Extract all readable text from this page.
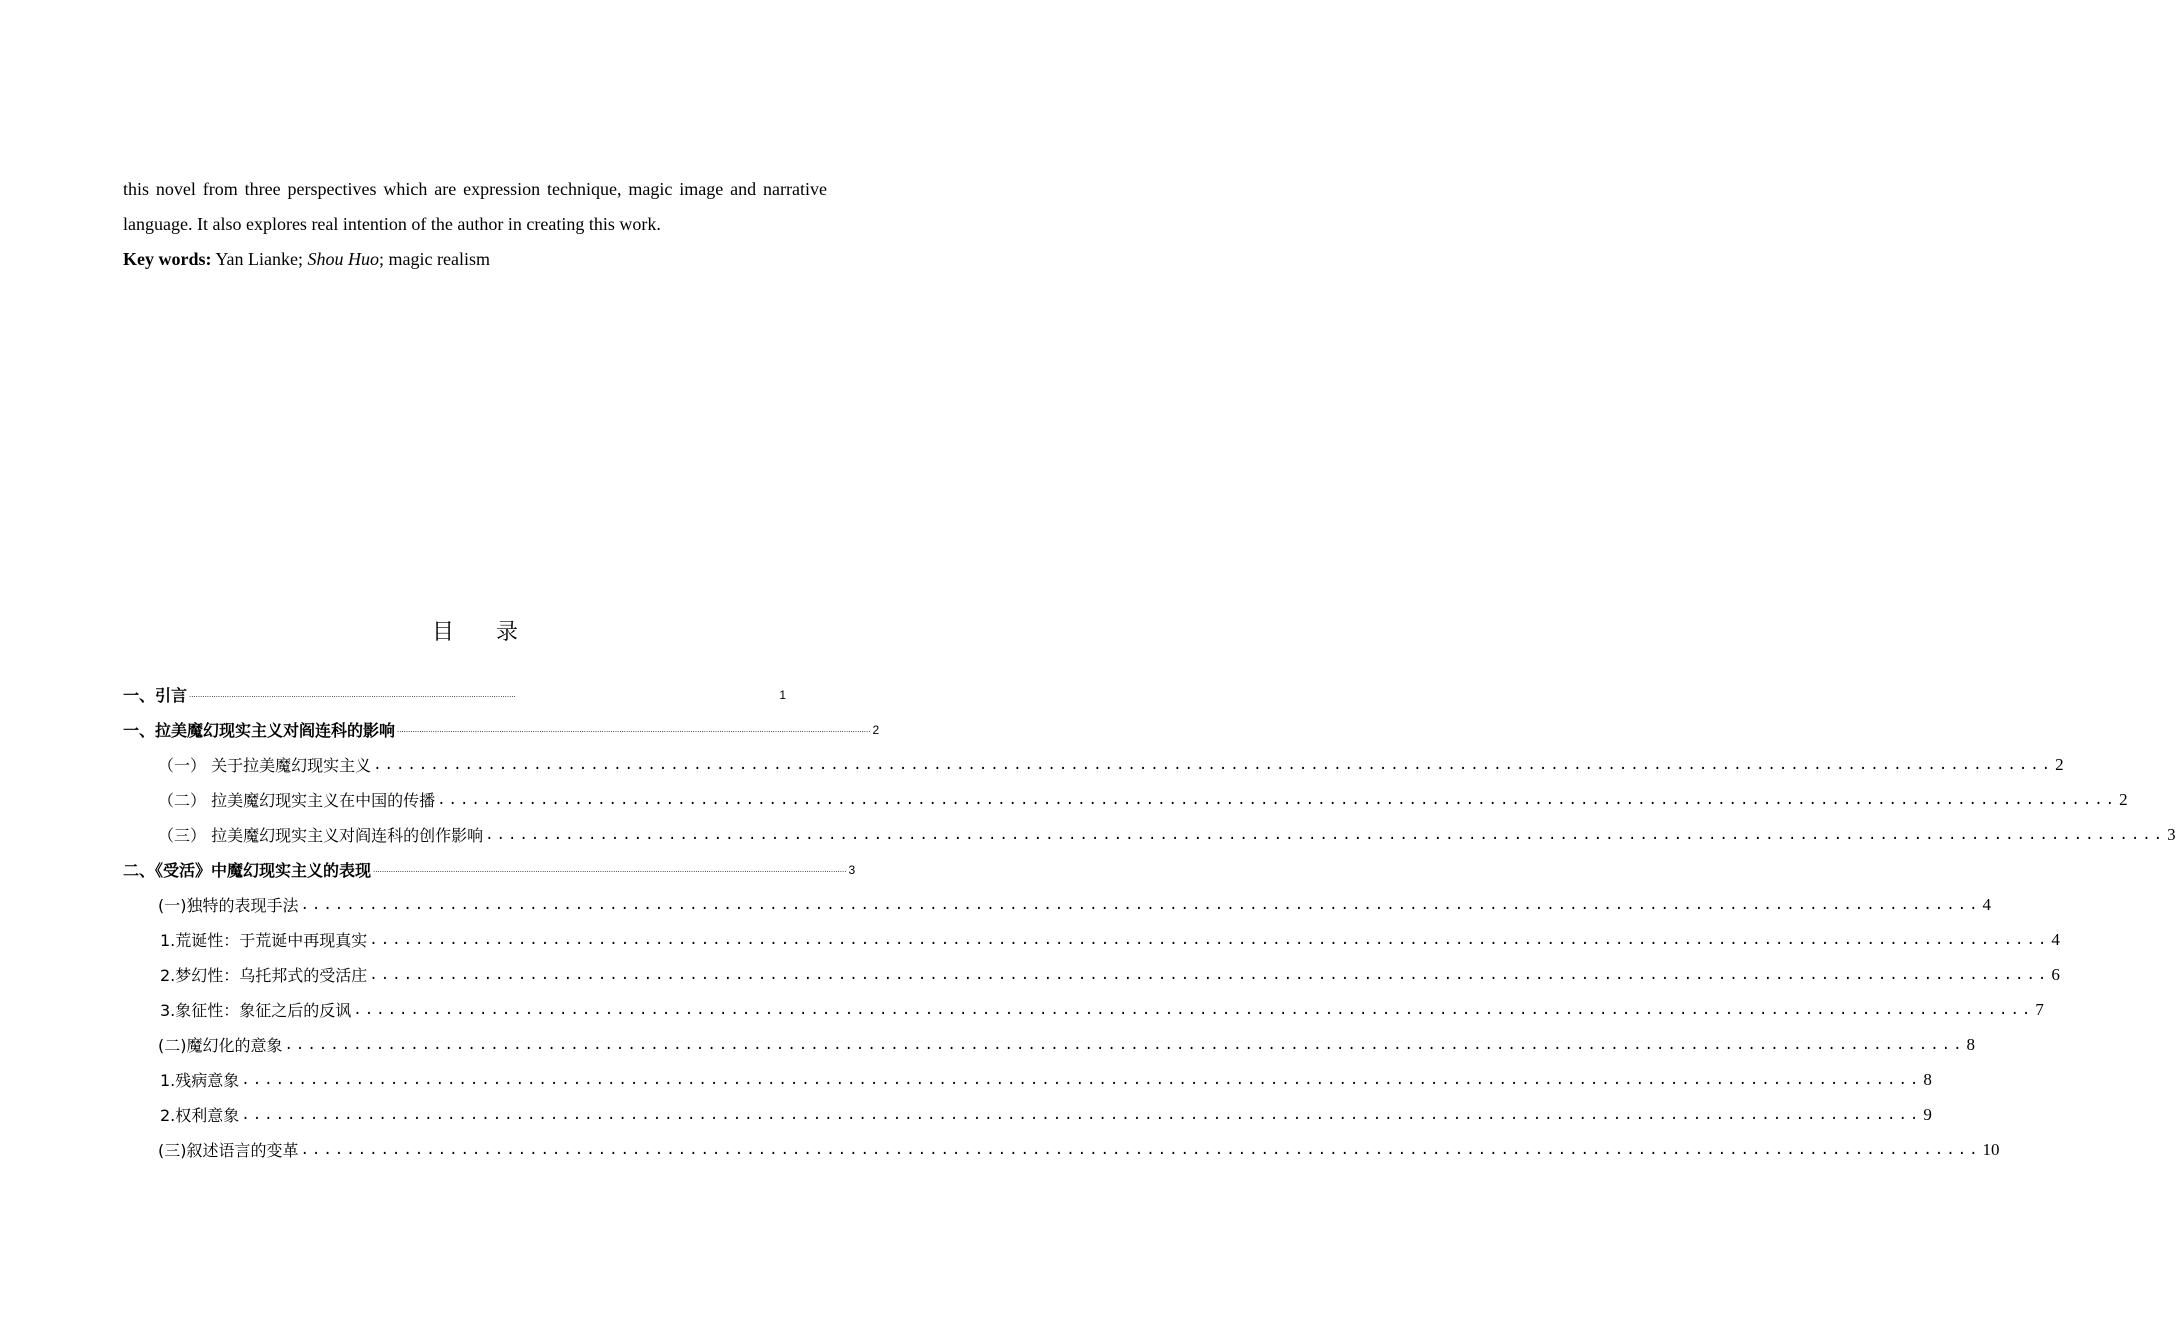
this novel from three perspectives which are expression technique, magic image and narrative language. It also explores real intention of the author in creating this work.

Key words: Yan Lianke; Shou Huo; magic realism

目 录
一、引言 ...................................................................................................................................................	1
一、拉美魔幻现实主义对阎连科的影响 ..................................................................................................................................................................................................................... 2
（一） 关于拉美魔幻现实主义 ................................................................................................................................................... 2
（二） 拉美魔幻现实主义在中国的传播 ................................................................................................................................................... 2
（三） 拉美魔幻现实主义对阎连科的创作影响 ................................................................................................................................................... 3
二、《受活》中魔幻现实主义的表现 ..................................................................................................................................................................................................................... 3
(一)独特的表现手法 ................................................................................................................................................... 4
1.荒诞性：于荒诞中再现真实 ................................................................................................................................................... 4
2.梦幻性：乌托邦式的受活庄 ................................................................................................................................................... 6
3.象征性：象征之后的反讽 ................................................................................................................................................... 7
(二)魔幻化的意象 ................................................................................................................................................... 8
1.残病意象 ................................................................................................................................................... 8
2.权利意象 ................................................................................................................................................... 9
(三)叙述语言的变革 ................................................................................................................................................... 10
